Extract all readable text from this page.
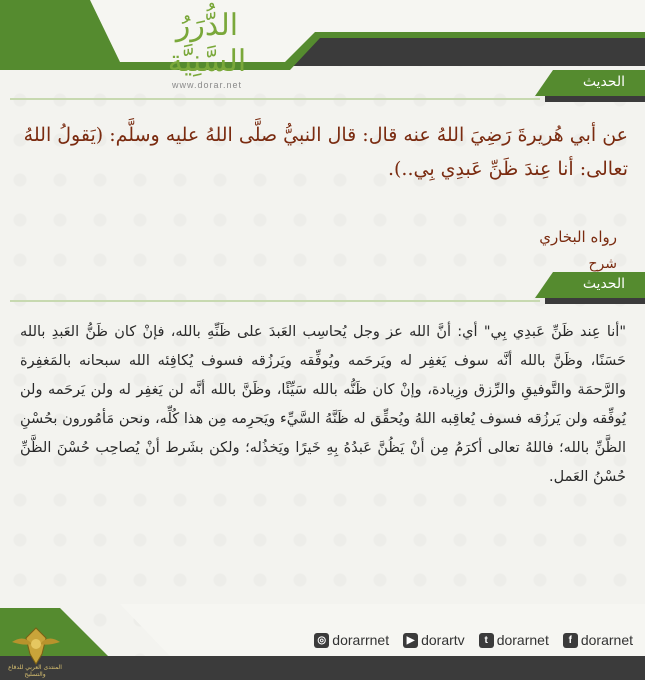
الدُّرَرُ السَّنِيَّة
www.dorar.net	الحديث
عن أبي هُريرةَ رَضِيَ اللهُ عنه قال: قال النبيُّ صلَّى اللهُ عليه وسلَّم: (يَقولُ اللهُ تعالى: أنا عِندَ ظَنِّ عَبدِي بِي..).
رواه البخاري
شرح
الحديث
"أنا عِند ظَنِّ عَبدِي بِي" أي: أنَّ الله عز وجل يُحاسِب العَبدَ على ظَنِّهِ بالله، فإنْ كان ظَنُّ العَبدِ بالله حَسَنًا، وظَنَّ بالله أنَّه سوف يَغفِر له ويَرحَمه ويُوفِّقه ويَرزُقه فسوف يُكافِئه الله سبحانه بالمَغفِرة والرَّحمَة والتَّوفيقِ والرِّزق وزِيادة، وإنْ كان ظَنُّه بالله سَيِّئًا، وظَنَّ بالله أنَّه لن يَغفِر له ولن يَرحَمه ولن يُوفِّقه ولن يَرزُقه فسوف يُعاقِبه اللهُ ويُحقِّق له ظَنَّهُ السَّيِّء ويَحرِمه مِن هذا كُلِّه، ونحن مَأمُورون بحُسْنِ الظَّنِّ بالله؛ فاللهُ تعالى أكرَمُ مِن أنْ يَظُنَّ عَبدُهُ بِهِ خَيرًا ويَخذُله؛ ولكن بشَرط أنْ يُصاحِب حُسْنَ الظَّنِّ حُسْنُ العَمل.
◎ dorarrnet	▶ dorartv	t dorarnet	f dorarnet
المنتدى العربي للدفاع والتسليح
